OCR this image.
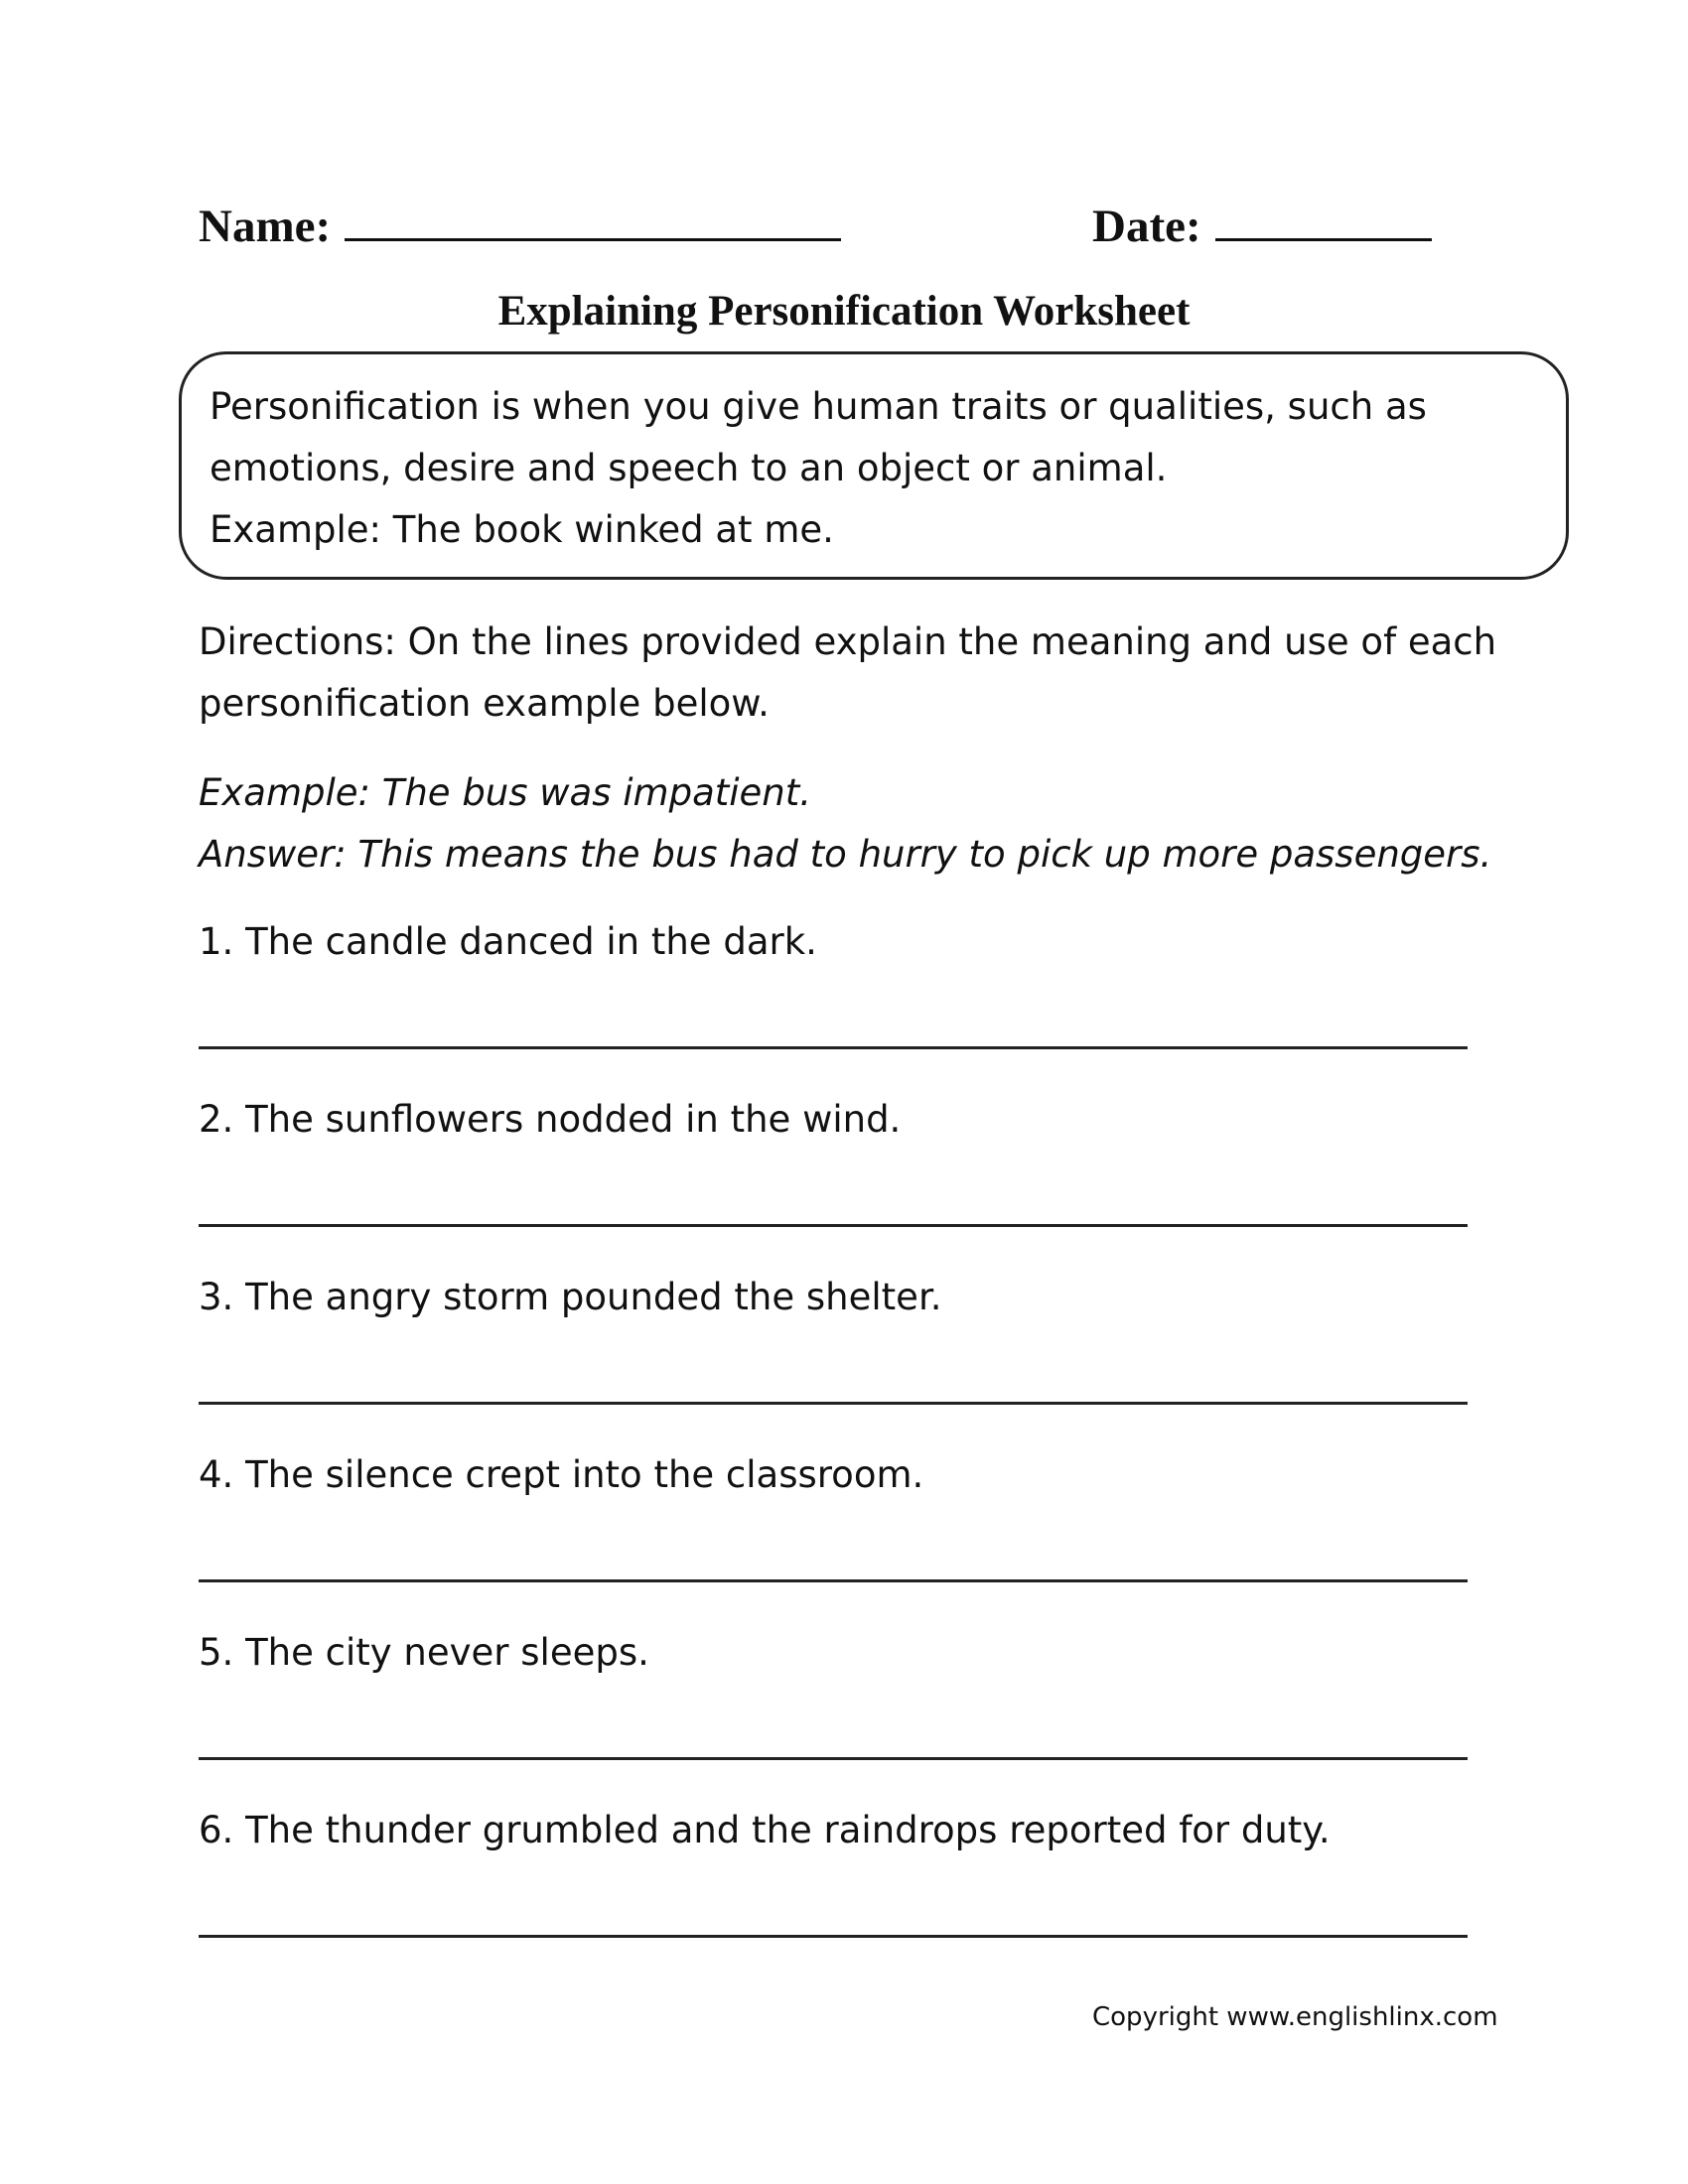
Name:	Date:
Explaining Personification Worksheet
Personification is when you give human traits or qualities, such as
emotions, desire and speech to an object or animal.
Example: The book winked at me.
Directions: On the lines provided explain the meaning and use of each
personification example below.
Example: The bus was impatient.
Answer: This means the bus had to hurry to pick up more passengers.
1. The candle danced in the dark.
2. The sunflowers nodded in the wind.
3. The angry storm pounded the shelter.
4. The silence crept into the classroom.
5. The city never sleeps.
6. The thunder grumbled and the raindrops reported for duty.
Copyright www.englishlinx.com
